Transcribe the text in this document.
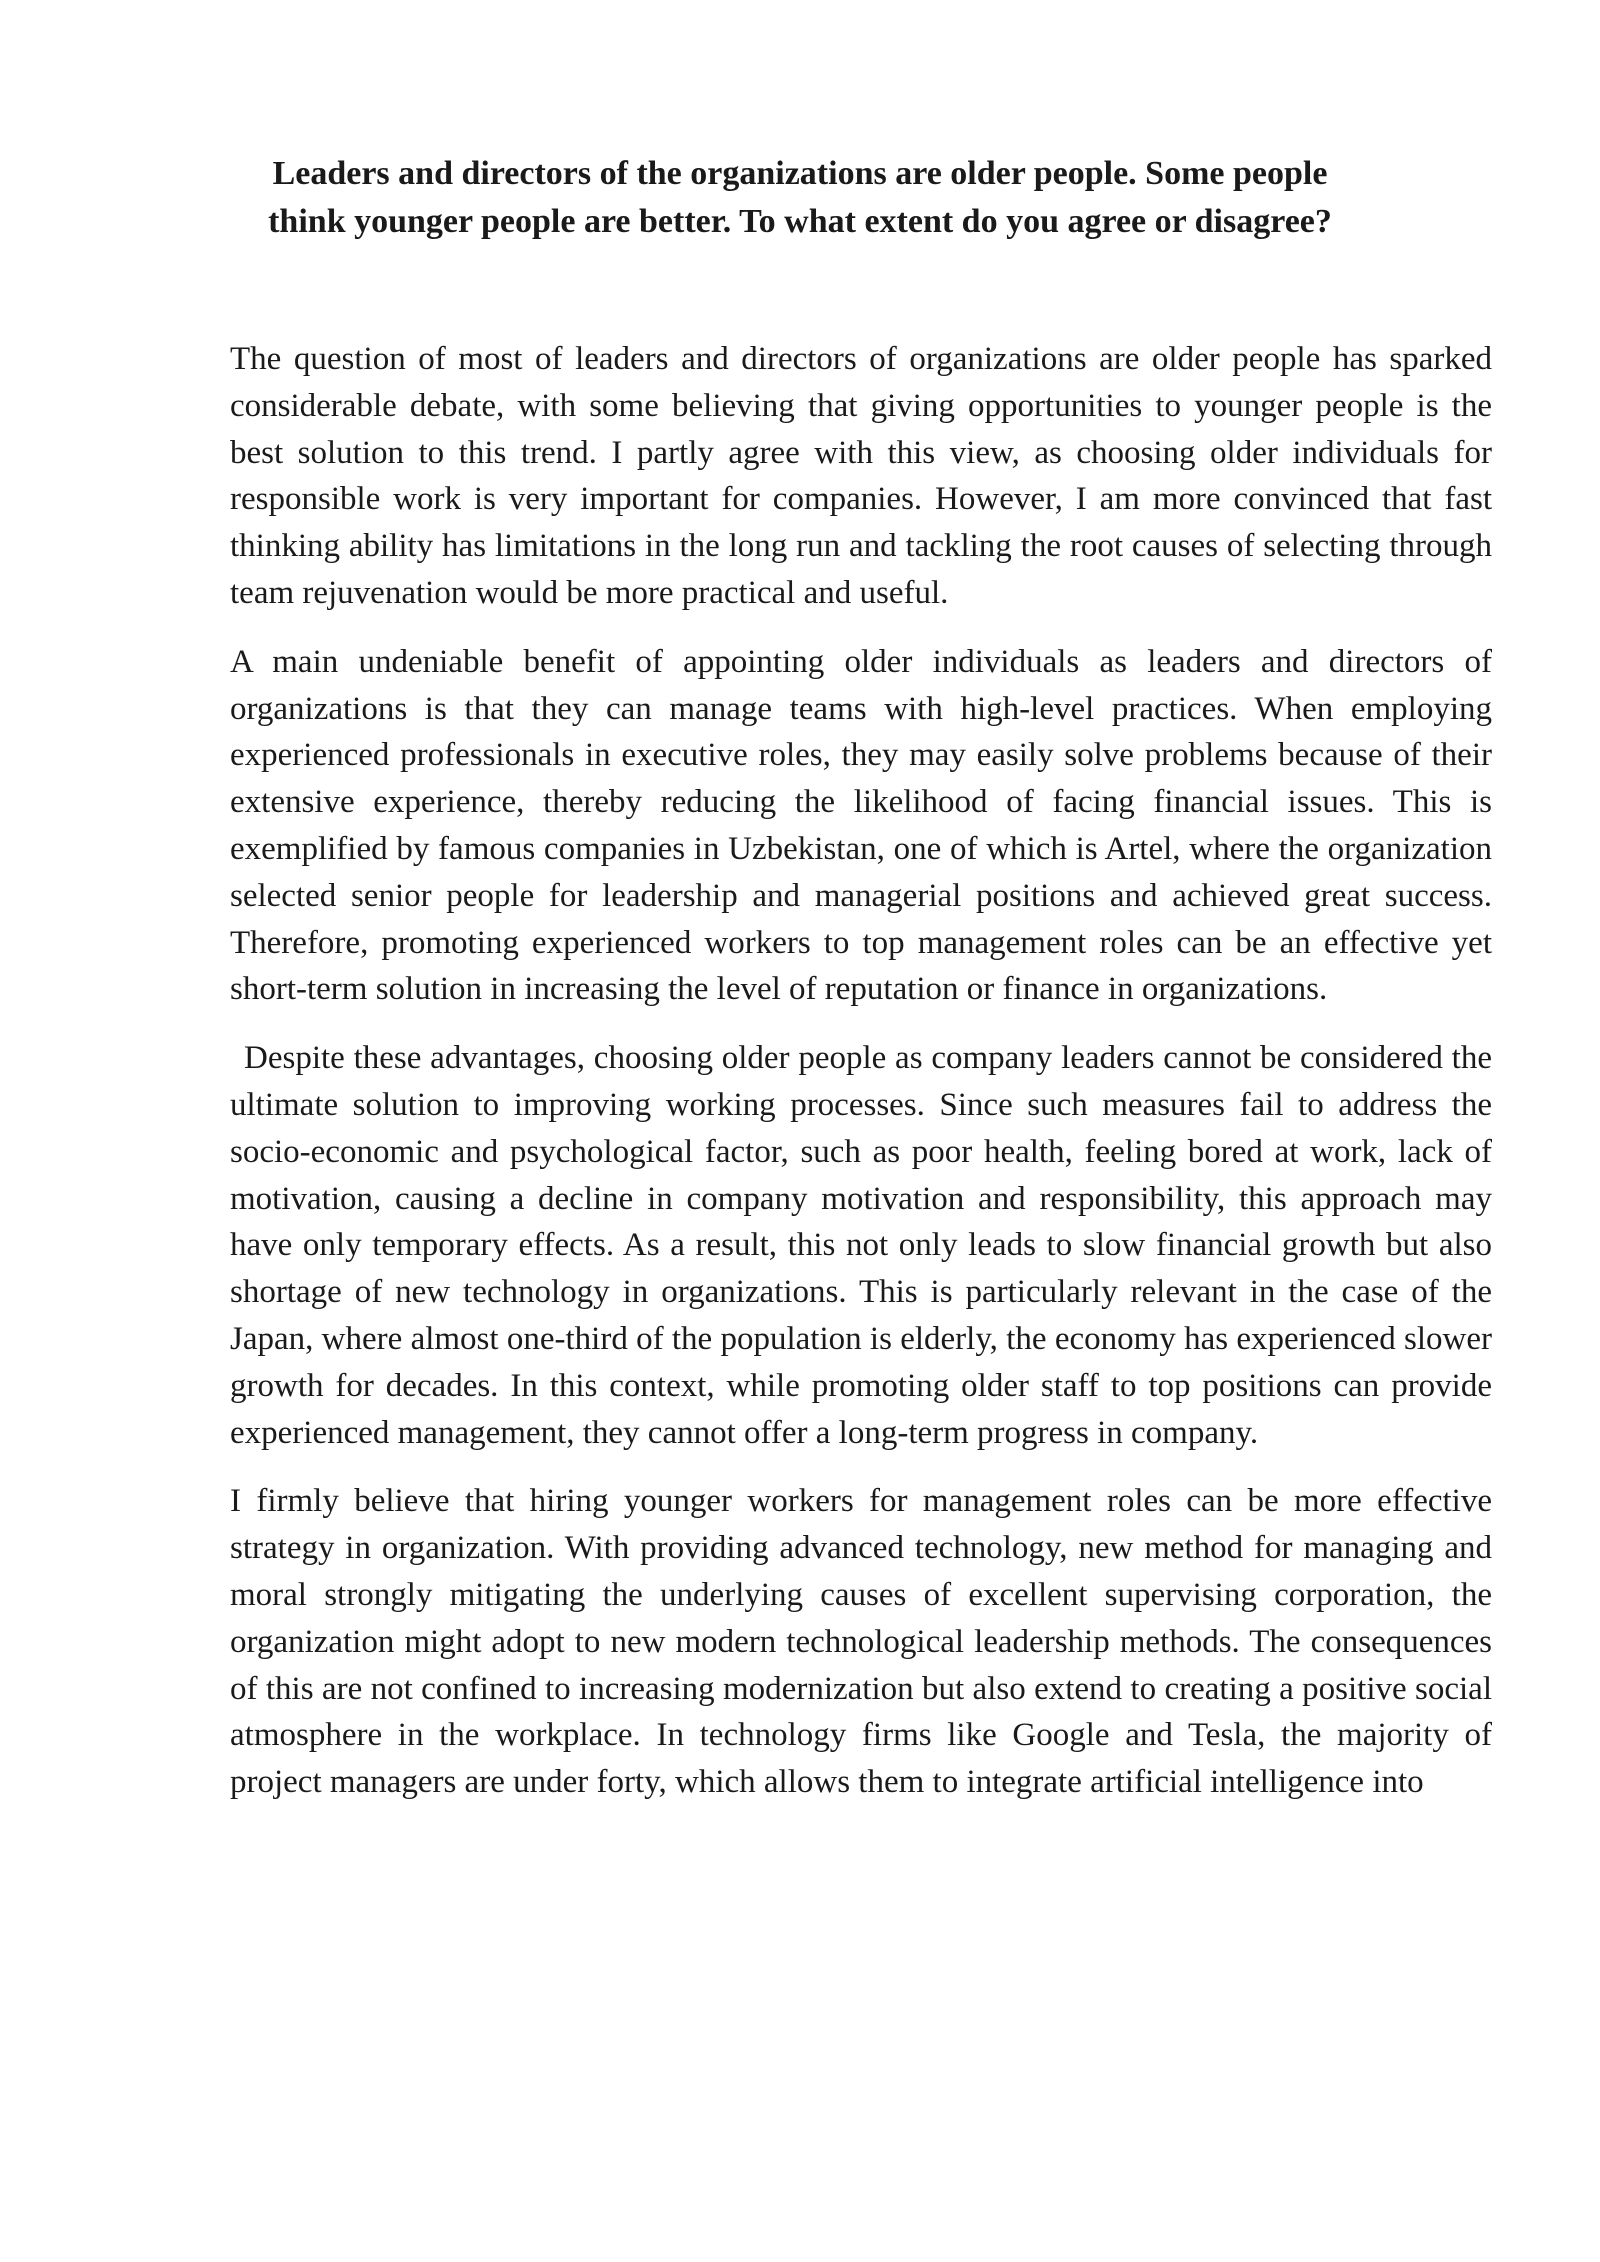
Leaders and directors of the organizations are older people. Some people
think younger people are better. To what extent do you agree or disagree?

The question of most of leaders and directors of organizations are older people has sparked considerable debate, with some believing that giving opportunities to younger people is the best solution to this trend. I partly agree with this view, as choosing older individuals for responsible work is very important for companies. However, I am more convinced that fast thinking ability has limitations in the long run and tackling the root causes of selecting through team rejuvenation would be more practical and useful.

A main undeniable benefit of appointing older individuals as leaders and directors of organizations is that they can manage teams with high-level practices. When employing experienced professionals in executive roles, they may easily solve problems because of their extensive experience, thereby reducing the likelihood of facing financial issues. This is exemplified by famous companies in Uzbekistan, one of which is Artel, where the organization selected senior people for leadership and managerial positions and achieved great success. Therefore, promoting experienced workers to top management roles can be an effective yet short-term solution in increasing the level of reputation or finance in organizations.

Despite these advantages, choosing older people as company leaders cannot be considered the ultimate solution to improving working processes. Since such measures fail to address the socio-economic and psychological factor, such as poor health, feeling bored at work, lack of motivation, causing a decline in company motivation and responsibility, this approach may have only temporary effects. As a result, this not only leads to slow financial growth but also shortage of new technology in organizations. This is particularly relevant in the case of the Japan, where almost one-third of the population is elderly, the economy has experienced slower growth for decades. In this context, while promoting older staff to top positions can provide experienced management, they cannot offer a long-term progress in company.

I firmly believe that hiring younger workers for management roles can be more effective strategy in organization. With providing advanced technology, new method for managing and moral strongly mitigating the underlying causes of excellent supervising corporation, the organization might adopt to new modern technological leadership methods. The consequences of this are not confined to increasing modernization but also extend to creating a positive social atmosphere in the workplace. In technology firms like Google and Tesla, the majority of project managers are under forty, which allows them to integrate artificial intelligence into
